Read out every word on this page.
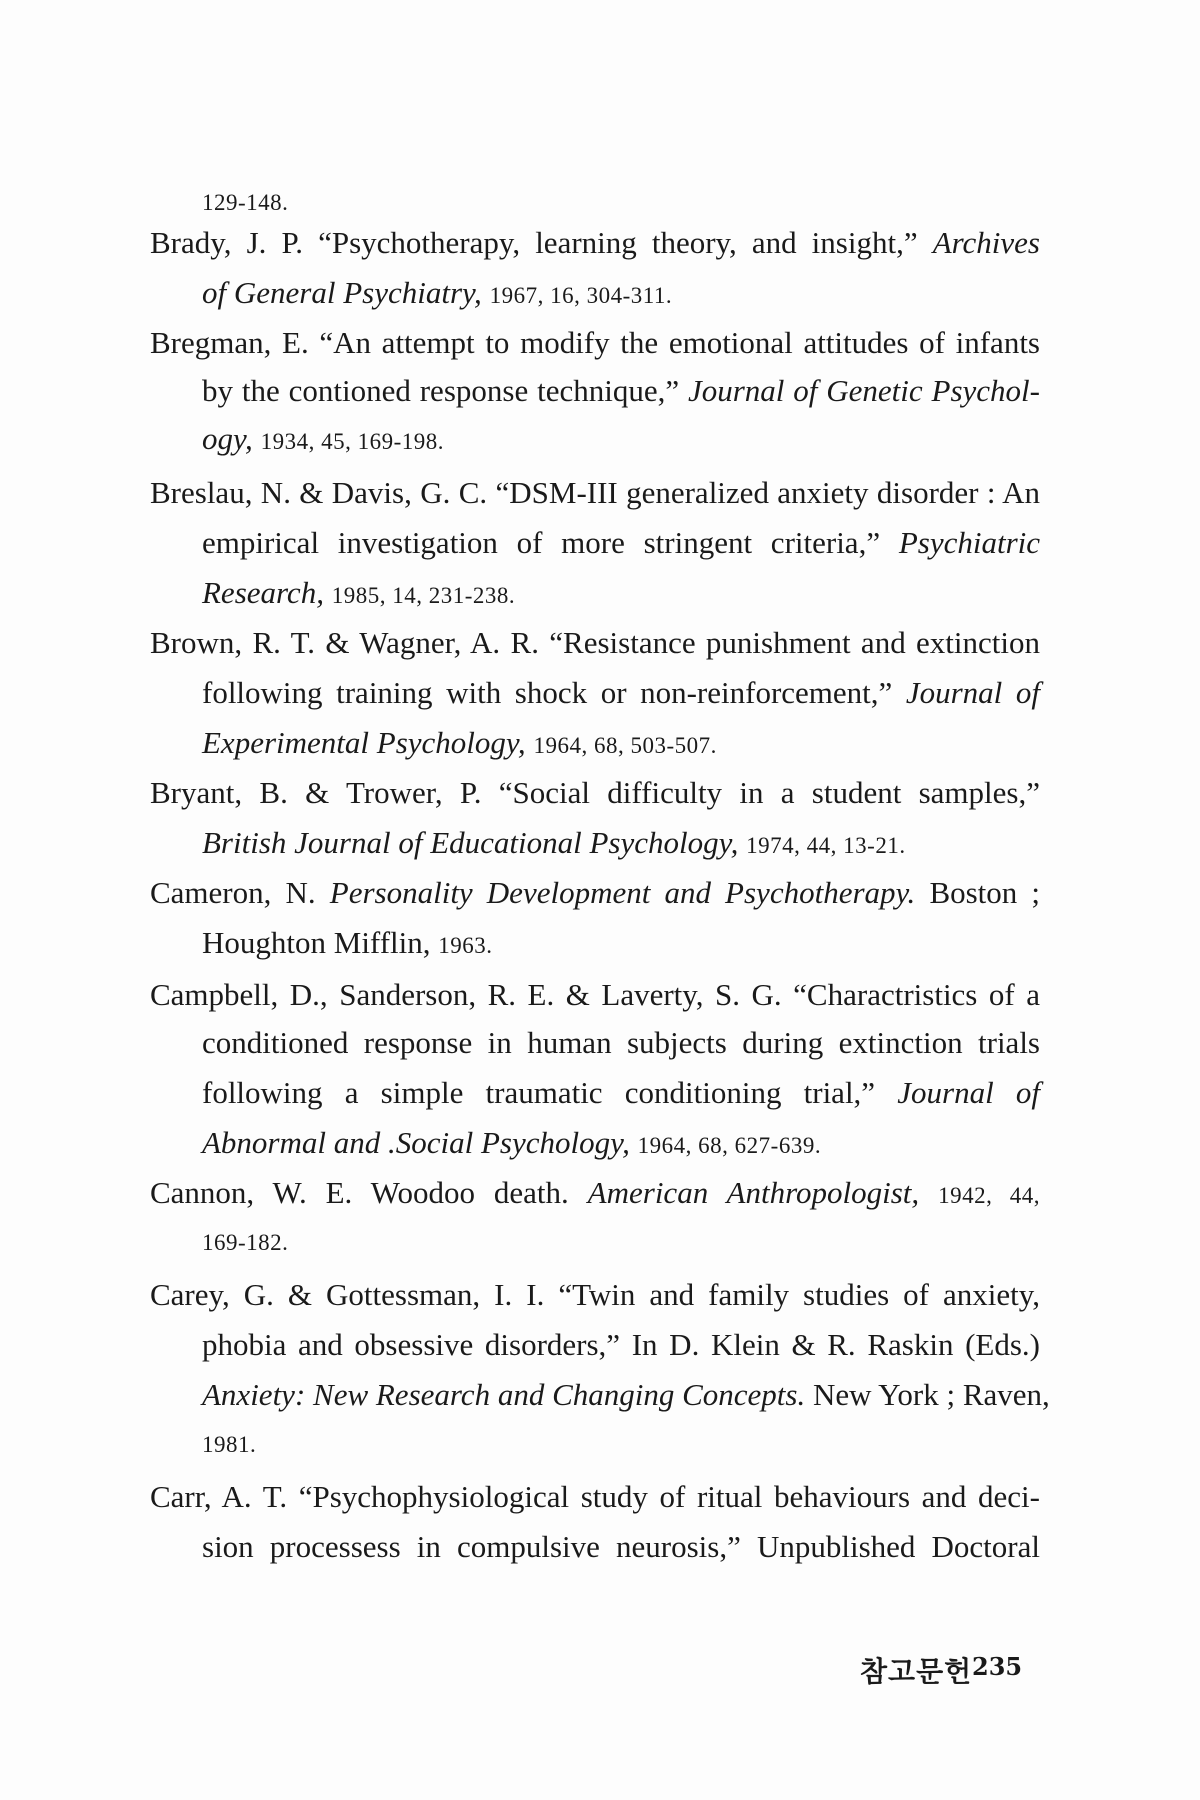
129-148.
Brady, J. P. “Psychotherapy, learning theory, and insight,” Archives
of General Psychiatry, 1967, 16, 304-311.
Bregman, E. “An attempt to modify the emotional attitudes of infants
by the contioned response technique,” Journal of Genetic Psychol-
ogy, 1934, 45, 169-198.
Breslau, N. & Davis, G. C. “DSM-III generalized anxiety disorder : An
empirical investigation of more stringent criteria,” Psychiatric
Research, 1985, 14, 231-238.
Brown, R. T. & Wagner, A. R. “Resistance punishment and extinction
following training with shock or non-reinforcement,” Journal of
Experimental Psychology, 1964, 68, 503-507.
Bryant, B. & Trower, P. “Social difficulty in a student samples,”
British Journal of Educational Psychology, 1974, 44, 13-21.
Cameron, N. Personality Development and Psychotherapy. Boston ;
Houghton Mifflin, 1963.
Campbell, D., Sanderson, R. E. & Laverty, S. G. “Charactristics of a
conditioned response in human subjects during extinction trials
following a simple traumatic conditioning trial,” Journal of
Abnormal and .Social Psychology, 1964, 68, 627-639.
Cannon, W. E. Woodoo death. American Anthropologist, 1942, 44,
169-182.
Carey, G. & Gottessman, I. I. “Twin and family studies of anxiety,
phobia and obsessive disorders,” In D. Klein & R. Raskin (Eds.)
Anxiety: New Research and Changing Concepts. New York ; Raven,
1981.
Carr, A. T. “Psychophysiological study of ritual behaviours and deci-
sion processess in compulsive neurosis,” Unpublished Doctoral
참고문헌 235
